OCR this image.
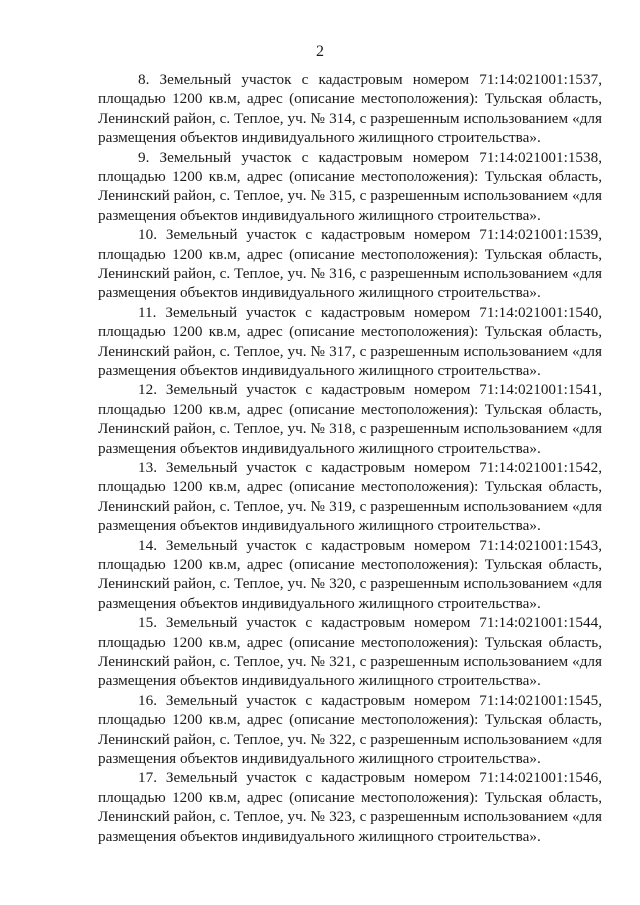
2

8. Земельный участок с кадастровым номером 71:14:021001:1537, площадью 1200 кв.м, адрес (описание местоположения): Тульская область, Ленинский район, с. Теплое, уч. № 314, с разрешенным использованием «для размещения объектов индивидуального жилищного строительства».

9. Земельный участок с кадастровым номером 71:14:021001:1538, площадью 1200 кв.м, адрес (описание местоположения): Тульская область, Ленинский район, с. Теплое, уч. № 315, с разрешенным использованием «для размещения объектов индивидуального жилищного строительства».

10. Земельный участок с кадастровым номером 71:14:021001:1539, площадью 1200 кв.м, адрес (описание местоположения): Тульская область, Ленинский район, с. Теплое, уч. № 316, с разрешенным использованием «для размещения объектов индивидуального жилищного строительства».

11. Земельный участок с кадастровым номером 71:14:021001:1540, площадью 1200 кв.м, адрес (описание местоположения): Тульская область, Ленинский район, с. Теплое, уч. № 317, с разрешенным использованием «для размещения объектов индивидуального жилищного строительства».

12. Земельный участок с кадастровым номером 71:14:021001:1541, площадью 1200 кв.м, адрес (описание местоположения): Тульская область, Ленинский район, с. Теплое, уч. № 318, с разрешенным использованием «для размещения объектов индивидуального жилищного строительства».

13. Земельный участок с кадастровым номером 71:14:021001:1542, площадью 1200 кв.м, адрес (описание местоположения): Тульская область, Ленинский район, с. Теплое, уч. № 319, с разрешенным использованием «для размещения объектов индивидуального жилищного строительства».

14. Земельный участок с кадастровым номером 71:14:021001:1543, площадью 1200 кв.м, адрес (описание местоположения): Тульская область, Ленинский район, с. Теплое, уч. № 320, с разрешенным использованием «для размещения объектов индивидуального жилищного строительства».

15. Земельный участок с кадастровым номером 71:14:021001:1544, площадью 1200 кв.м, адрес (описание местоположения): Тульская область, Ленинский район, с. Теплое, уч. № 321, с разрешенным использованием «для размещения объектов индивидуального жилищного строительства».

16. Земельный участок с кадастровым номером 71:14:021001:1545, площадью 1200 кв.м, адрес (описание местоположения): Тульская область, Ленинский район, с. Теплое, уч. № 322, с разрешенным использованием «для размещения объектов индивидуального жилищного строительства».

17. Земельный участок с кадастровым номером 71:14:021001:1546, площадью 1200 кв.м, адрес (описание местоположения): Тульская область, Ленинский район, с. Теплое, уч. № 323, с разрешенным использованием «для размещения объектов индивидуального жилищного строительства».
